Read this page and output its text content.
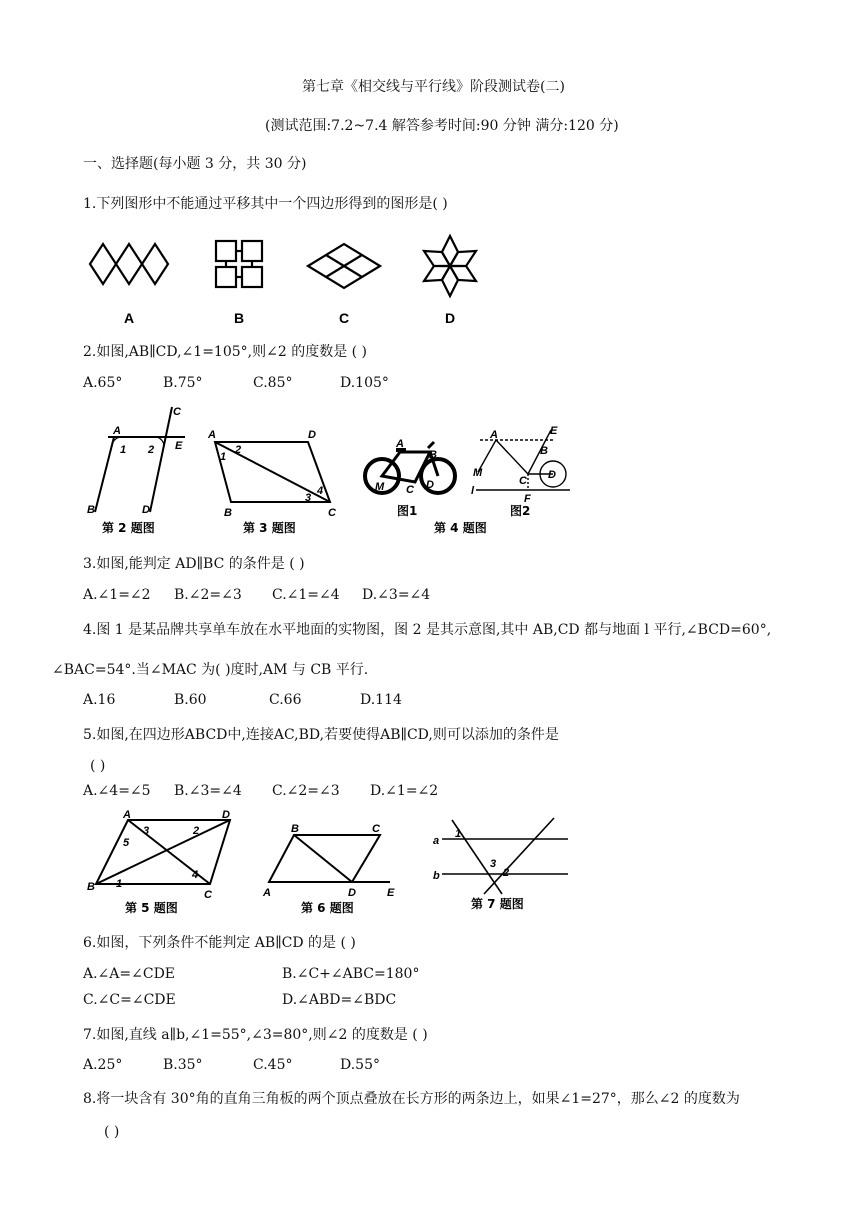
第七章《相交线与平行线》阶段测试卷(二)
(测试范围:7.2~7.4 解答参考时间:90 分钟 满分:120 分)
一、选择题(每小题 3 分，共 30 分)
1.下列图形中不能通过平移其中一个四边形得到的图形是( )
A	B	C	D
2.如图,AB∥CD,∠1=105°,则∠2 的度数是 ( )
A.65°	B.75°	C.85°	D.105°
A
1 2
C
E
B	D
第 2 题图
A	D
2
1
3
4
B	C
第 3 题图
A
B
M C D
图1
A	E
B
M
C D
l
F
图2
第 4 题图
3.如图,能判定 AD∥BC 的条件是 ( )
A.∠1=∠2 B.∠2=∠3 C.∠1=∠4 D.∠3=∠4
4.图 1 是某品牌共享单车放在水平地面的实物图，图 2 是其示意图,其中 AB,CD 都与地面 l 平行,∠BCD=60°,
∠BAC=54°.当∠MAC 为( )度时,AM 与 CB 平行.
A.16	B.60	C.66	D.114
5.如图,在四边形ABCD中,连接AC,BD,若要使得AB∥CD,则可以添加的条件是
( )
A.∠4=∠5 B.∠3=∠4 C.∠2=∠3 D.∠1=∠2
A
3	2
D
5
4
B 1
C
第 5 题图
B	C
A	D	E
第 6 题图
a
1
3
2
b
第 7 题图
6.如图，下列条件不能判定 AB∥CD 的是 ( )
A.∠A=∠CDE	B.∠C+∠ABC=180°
C.∠C=∠CDE	D.∠ABD=∠BDC
7.如图,直线 a∥b,∠1=55°,∠3=80°,则∠2 的度数是 ( )
A.25°	B.35°	C.45°	D.55°
8.将一块含有 30°角的直角三角板的两个顶点叠放在长方形的两条边上，如果∠1=27°，那么∠2 的度数为
( )
